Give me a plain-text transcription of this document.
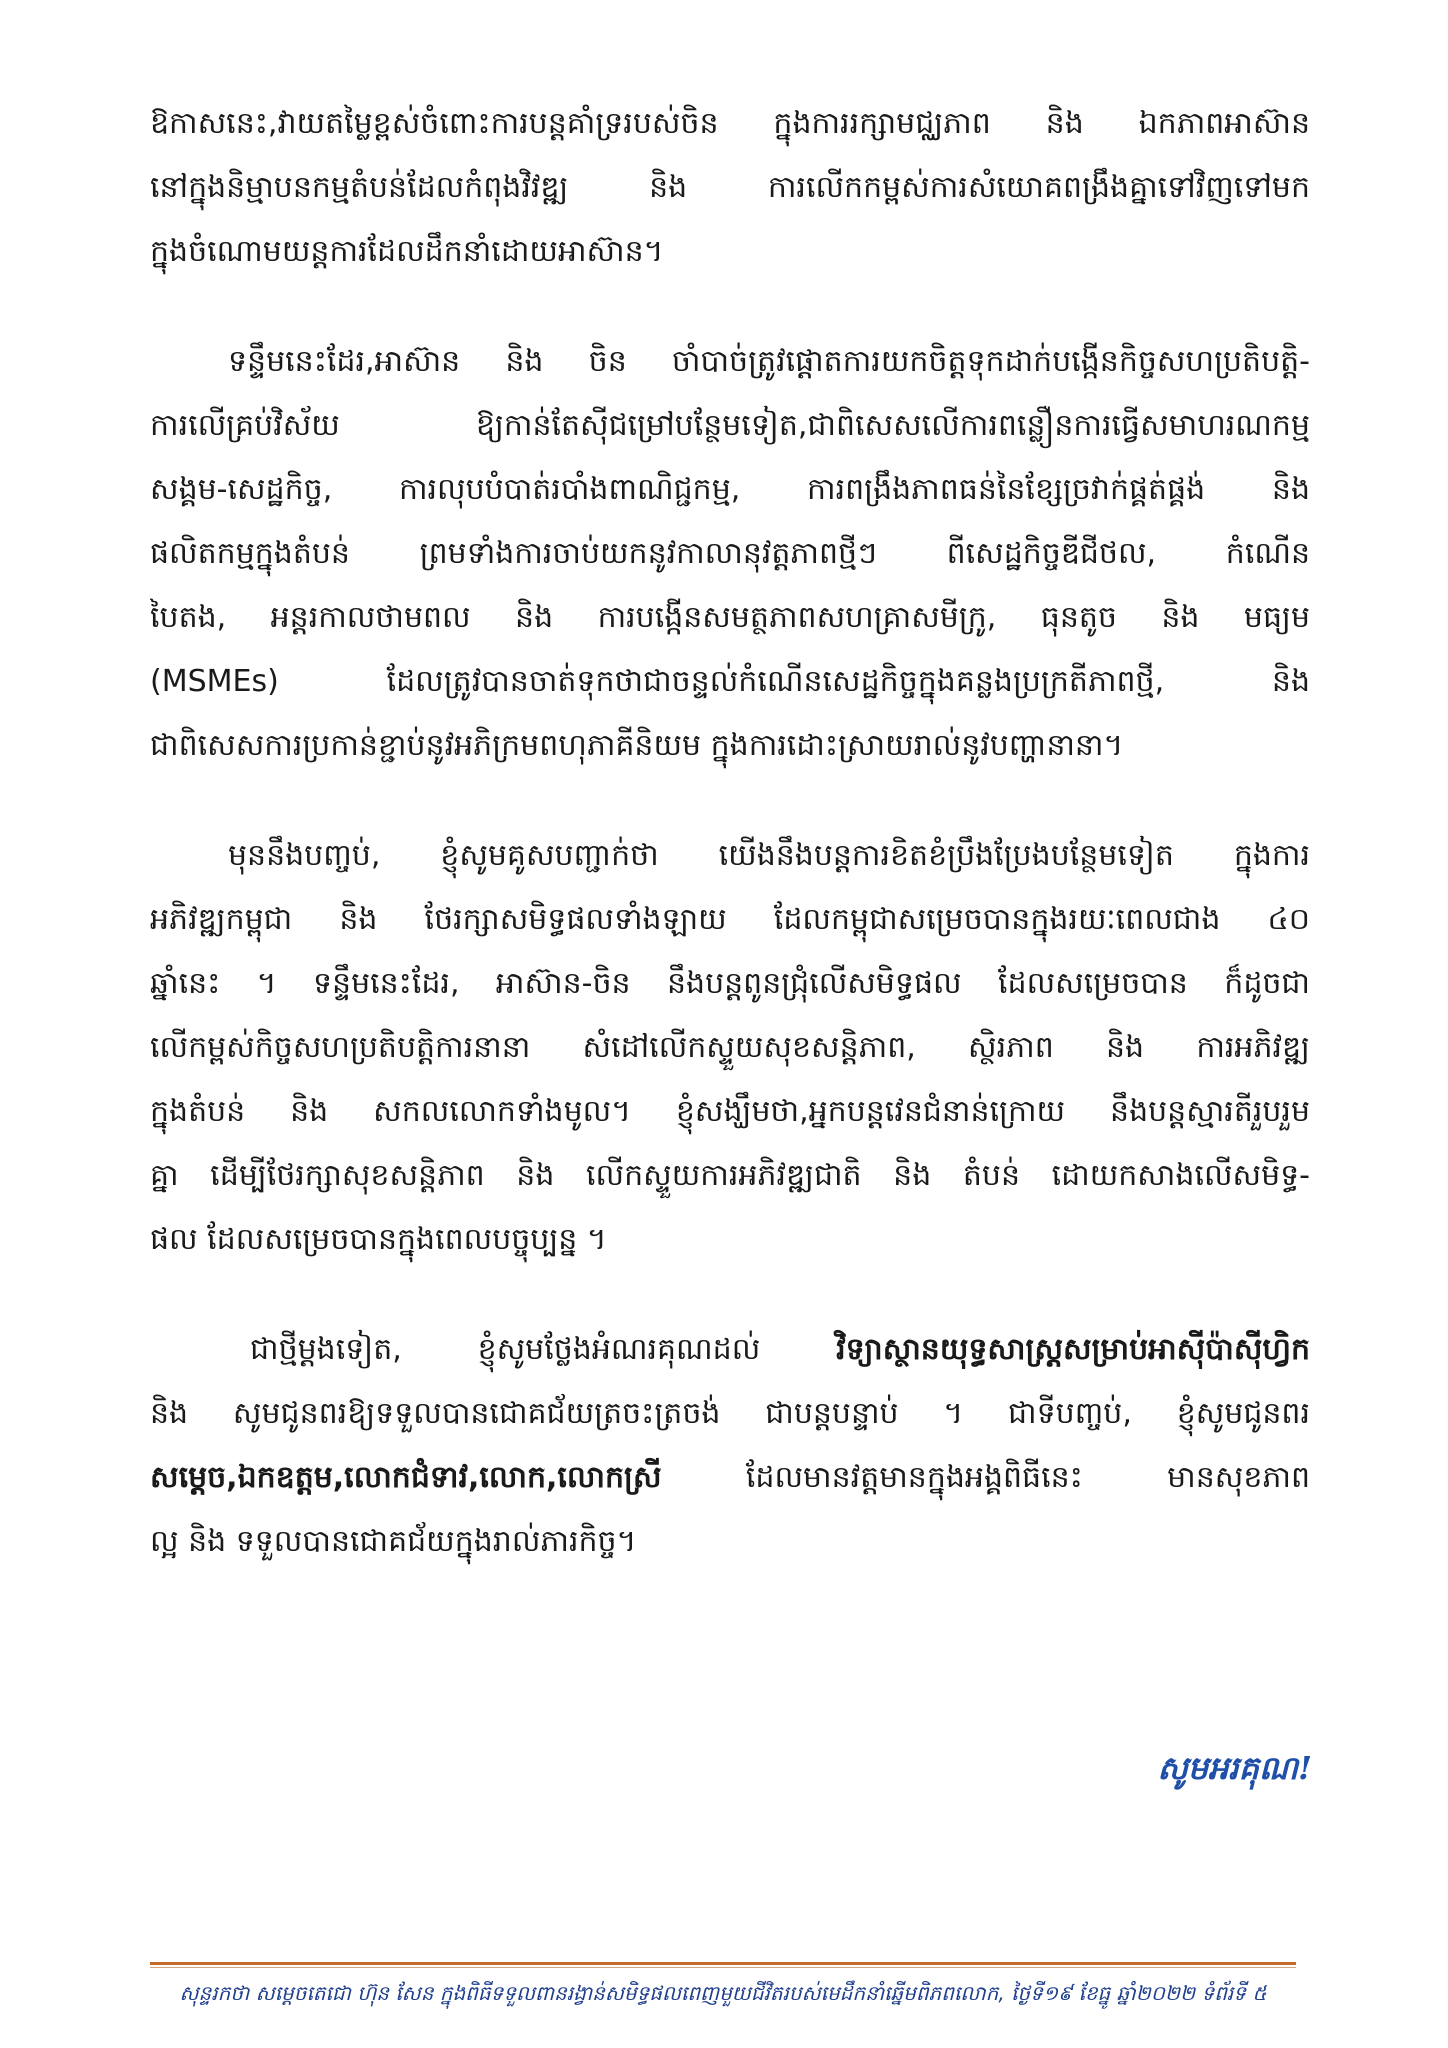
ឱកាសនេះ,វាយតម្លៃខ្ពស់ចំពោះការបន្តគាំទ្ររបស់ចិន ក្នុងការរក្សាមជ្ឈភាព និង ឯកភាពអាស៊ាន
នៅក្នុងនិម្មាបនកម្មតំបន់ដែលកំពុងវិវឌ្ឍ និង ការលើកកម្ពស់ការសំយោគពង្រឹងគ្នាទៅវិញទៅមក
ក្នុងចំណោមយន្តការដែលដឹកនាំដោយអាស៊ាន។
ទន្ទឹមនេះដែរ,អាស៊ាន និង ចិន ចាំបាច់ត្រូវផ្តោតការយកចិត្តទុកដាក់បង្កើនកិច្ចសហប្រតិបត្តិ-
ការលើគ្រប់វិស័យ ឱ្យកាន់តែស៊ីជម្រៅបន្ថែមទៀត,ជាពិសេសលើការពន្លឿនការធ្វើសមាហរណកម្ម
សង្គម-សេដ្ឋកិច្ច, ការលុបបំបាត់របាំងពាណិជ្ជកម្ម, ការពង្រឹងភាពធន់នៃខ្សែច្រវាក់ផ្គត់ផ្គង់ និង
ផលិតកម្មក្នុងតំបន់ ព្រមទាំងការចាប់យកនូវកាលានុវត្តភាពថ្មីៗ ពីសេដ្ឋកិច្ចឌីជីថល, កំណើន
បៃតង, អន្តរកាលថាមពល និង ការបង្កើនសមត្ថភាពសហគ្រាសមីក្រូ, ធុនតូច និង មធ្យម
(MSMEs) ដែលត្រូវបានចាត់ទុកថាជាចន្ទល់កំណើនសេដ្ឋកិច្ចក្នុងគន្លងប្រក្រតីភាពថ្មី, និង
ជាពិសេសការប្រកាន់ខ្ជាប់នូវអភិក្រមពហុភាគីនិយម ក្នុងការដោះស្រាយរាល់នូវបញ្ហានានា។
មុននឹងបញ្ចប់, ខ្ញុំសូមគូសបញ្ជាក់ថា យើងនឹងបន្តការខិតខំប្រឹងប្រែងបន្ថែមទៀត ក្នុងការ
អភិវឌ្ឍកម្ពុជា និង ថែរក្សាសមិទ្ធផលទាំងឡាយ ដែលកម្ពុជាសម្រេចបានក្នុងរយៈពេលជាង ៤០
ឆ្នាំនេះ ។ ទន្ទឹមនេះដែរ, អាស៊ាន-ចិន នឹងបន្តពូនជ្រុំលើសមិទ្ធផល ដែលសម្រេចបាន ក៏ដូចជា
លើកម្ពស់កិច្ចសហប្រតិបត្តិការនានា សំដៅលើកស្ទួយសុខសន្តិភាព, ស្ថិរភាព និង ការអភិវឌ្ឍ
ក្នុងតំបន់ និង សកលលោកទាំងមូល។ ខ្ញុំសង្ឃឹមថា,អ្នកបន្តវេនជំនាន់ក្រោយ នឹងបន្តស្មារតីរួបរួម
គ្នា ដើម្បីថែរក្សាសុខសន្តិភាព និង លើកស្ទួយការអភិវឌ្ឍជាតិ និង តំបន់ ដោយកសាងលើសមិទ្ធ-
ផល ដែលសម្រេចបានក្នុងពេលបច្ចុប្បន្ន ។
ជាថ្មីម្តងទៀត, ខ្ញុំសូមថ្លែងអំណរគុណដល់	វិទ្យាស្ថានយុទ្ធសាស្ត្រសម្រាប់អាស៊ីប៉ាស៊ីហ្វិក
និង សូមជូនពរឱ្យទទួលបានជោគជ័យត្រចះត្រចង់ ជាបន្តបន្ទាប់ ។ ជាទីបញ្ចប់, ខ្ញុំសូមជូនពរ
សម្តេច,ឯកឧត្តម,លោកជំទាវ,លោក,លោកស្រី	ដែលមានវត្តមានក្នុងអង្គពិធីនេះ មានសុខភាព
ល្អ និង ទទួលបានជោគជ័យក្នុងរាល់ភារកិច្ច។
សូមអរគុណ!
សុន្ទរកថា សម្តេចតេជោ ហ៊ុន សែន ក្នុងពិធីទទួលពានរង្វាន់សមិទ្ធផលពេញមួយជីវិតរបស់មេដឹកនាំឆ្នើមពិភពលោក, ថ្ងៃទី១៩ ខែធ្នូ ឆ្នាំ២០២២ ទំព័រទី ៥
